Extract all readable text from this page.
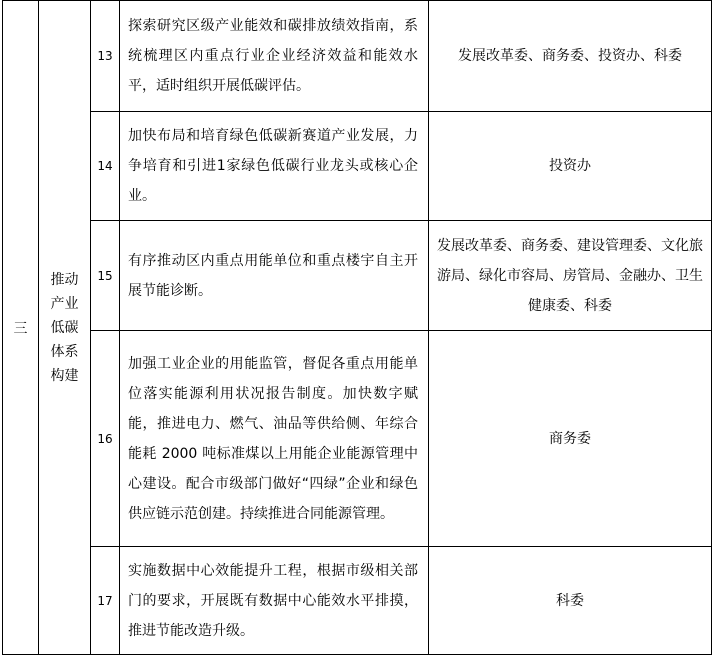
三	推动
产业
低碳
体系
构建	13	探索研究区级产业能效和碳排放绩效指南，系统梳理区内重点行业企业经济效益和能效水平，适时组织开展低碳评估。	发展改革委、商务委、投资办、科委
		14	加快布局和培育绿色低碳新赛道产业发展，力争培育和引进1家绿色低碳行业龙头或核心企业。	投资办
		15	有序推动区内重点用能单位和重点楼宇自主开展节能诊断。	发展改革委、商务委、建设管理委、文化旅游局、绿化市容局、房管局、金融办、卫生健康委、科委
		16	加强工业企业的用能监管，督促各重点用能单位落实能源利用状况报告制度。加快数字赋能，推进电力、燃气、油品等供给侧、年综合能耗 2000 吨标准煤以上用能企业能源管理中心建设。配合市级部门做好“四绿”企业和绿色供应链示范创建。持续推进合同能源管理。	商务委
		17	实施数据中心效能提升工程，根据市级相关部门的要求，开展既有数据中心能效水平排摸，推进节能改造升级。	科委
